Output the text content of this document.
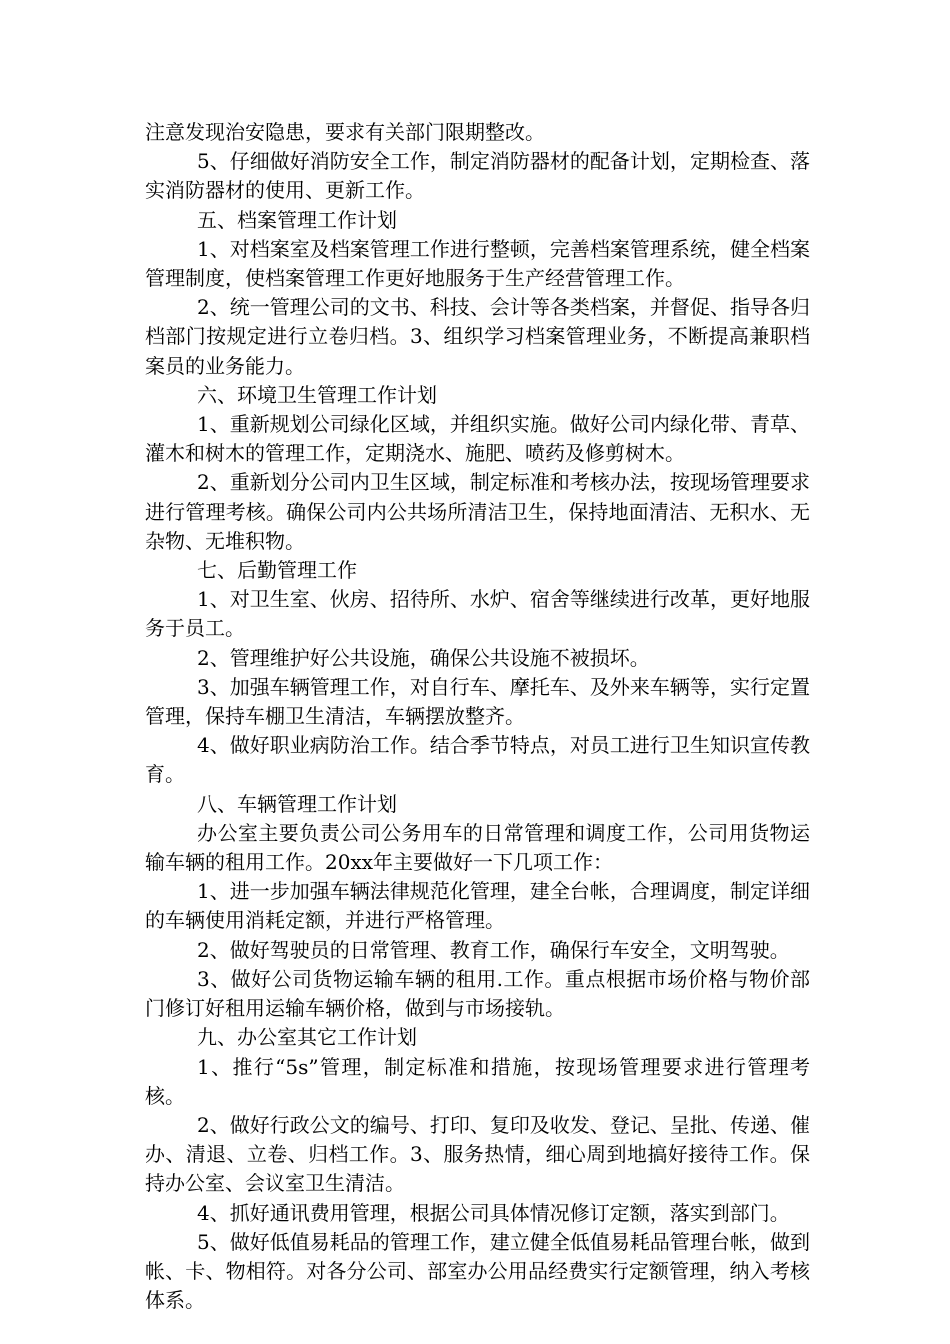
注意发现治安隐患，要求有关部门限期整改。

5、仔细做好消防安全工作，制定消防器材的配备计划，定期检查、落实消防器材的使用、更新工作。

五、档案管理工作计划

1、对档案室及档案管理工作进行整顿，完善档案管理系统，健全档案管理制度，使档案管理工作更好地服务于生产经营管理工作。

2、统一管理公司的文书、科技、会计等各类档案，并督促、指导各归档部门按规定进行立卷归档。3、组织学习档案管理业务，不断提高兼职档案员的业务能力。

六、环境卫生管理工作计划

1、重新规划公司绿化区域，并组织实施。做好公司内绿化带、青草、灌木和树木的管理工作，定期浇水、施肥、喷药及修剪树木。

2、重新划分公司内卫生区域，制定标准和考核办法，按现场管理要求进行管理考核。确保公司内公共场所清洁卫生，保持地面清洁、无积水、无杂物、无堆积物。

七、后勤管理工作

1、对卫生室、伙房、招待所、水炉、宿舍等继续进行改革，更好地服务于员工。

2、管理维护好公共设施，确保公共设施不被损坏。

3、加强车辆管理工作，对自行车、摩托车、及外来车辆等，实行定置管理，保持车棚卫生清洁，车辆摆放整齐。

4、做好职业病防治工作。结合季节特点，对员工进行卫生知识宣传教育。

八、车辆管理工作计划

办公室主要负责公司公务用车的日常管理和调度工作，公司用货物运输车辆的租用工作。20xx年主要做好一下几项工作：

1、进一步加强车辆法律规范化管理，建全台帐，合理调度，制定详细的车辆使用消耗定额，并进行严格管理。

2、做好驾驶员的日常管理、教育工作，确保行车安全，文明驾驶。

3、做好公司货物运输车辆的租用.工作。重点根据市场价格与物价部门修订好租用运输车辆价格，做到与市场接轨。

九、办公室其它工作计划

1、推行“5s”管理，制定标准和措施，按现场管理要求进行管理考核。

2、做好行政公文的编号、打印、复印及收发、登记、呈批、传递、催办、清退、立卷、归档工作。3、服务热情，细心周到地搞好接待工作。保持办公室、会议室卫生清洁。

4、抓好通讯费用管理，根据公司具体情况修订定额，落实到部门。

5、做好低值易耗品的管理工作，建立健全低值易耗品管理台帐，做到帐、卡、物相符。对各分公司、部室办公用品经费实行定额管理，纳入考核体系。
